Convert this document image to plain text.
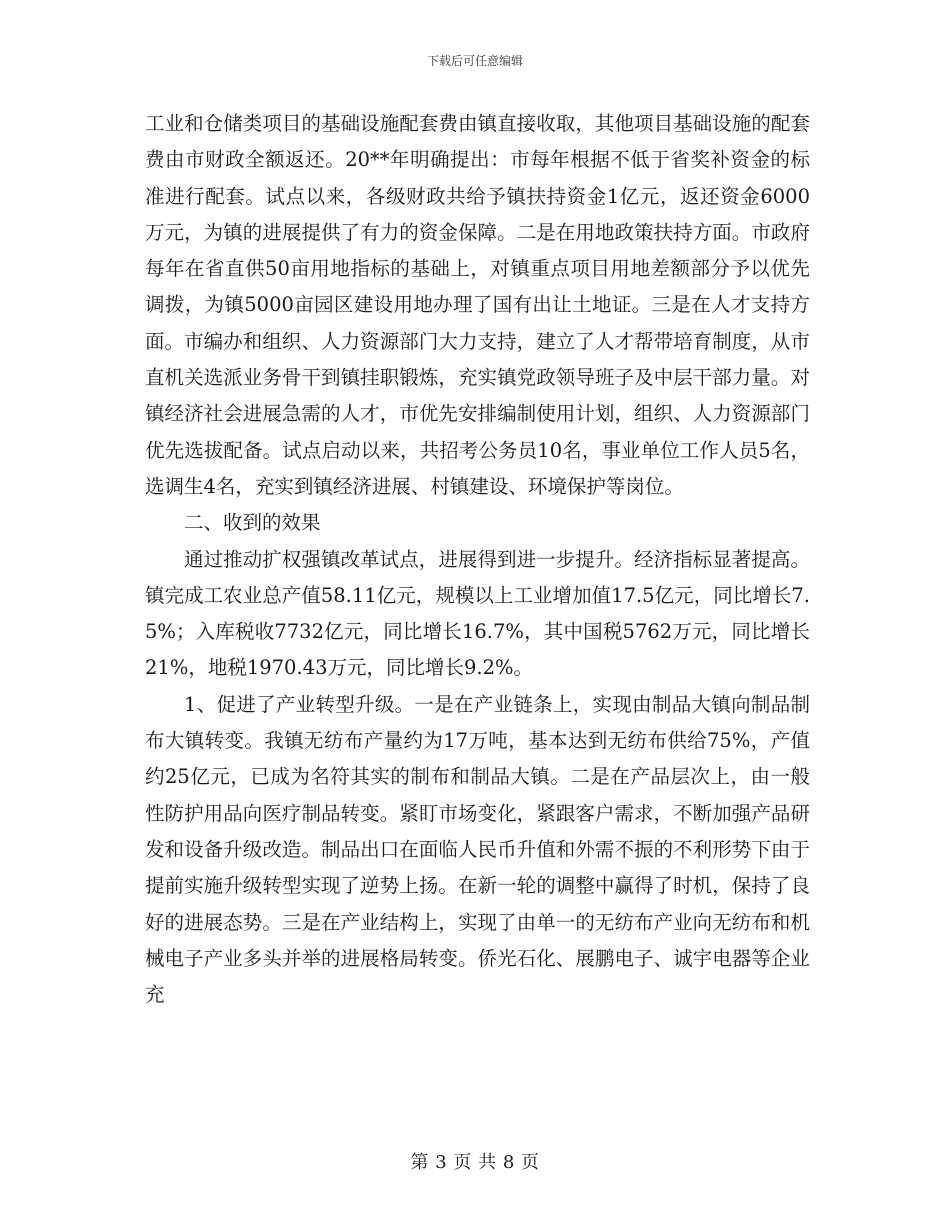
下载后可任意编辑

工业和仓储类项目的基础设施配套费由镇直接收取，其他项目基础设施的配套费由市财政全额返还。20**年明确提出：市每年根据不低于省奖补资金的标准进行配套。试点以来，各级财政共给予镇扶持资金1亿元，返还资金6000万元，为镇的进展提供了有力的资金保障。二是在用地政策扶持方面。市政府每年在省直供50亩用地指标的基础上，对镇重点项目用地差额部分予以优先调拨，为镇5000亩园区建设用地办理了国有出让土地证。三是在人才支持方面。市编办和组织、人力资源部门大力支持，建立了人才帮带培育制度，从市直机关选派业务骨干到镇挂职锻炼，充实镇党政领导班子及中层干部力量。对镇经济社会进展急需的人才，市优先安排编制使用计划，组织、人力资源部门优先选拔配备。试点启动以来，共招考公务员10名，事业单位工作人员5名，选调生4名，充实到镇经济进展、村镇建设、环境保护等岗位。

二、收到的效果

通过推动扩权强镇改革试点，进展得到进一步提升。经济指标显著提高。镇完成工农业总产值58.11亿元，规模以上工业增加值17.5亿元，同比增长7.5%；入库税收7732亿元，同比增长16.7%，其中国税5762万元，同比增长21%，地税1970.43万元，同比增长9.2%。

1、促进了产业转型升级。一是在产业链条上，实现由制品大镇向制品制布大镇转变。我镇无纺布产量约为17万吨，基本达到无纺布供给75%，产值约25亿元，已成为名符其实的制布和制品大镇。二是在产品层次上，由一般性防护用品向医疗制品转变。紧盯市场变化，紧跟客户需求，不断加强产品研发和设备升级改造。制品出口在面临人民币升值和外需不振的不利形势下由于提前实施升级转型实现了逆势上扬。在新一轮的调整中赢得了时机，保持了良好的进展态势。三是在产业结构上，实现了由单一的无纺布产业向无纺布和机械电子产业多头并举的进展格局转变。侨光石化、展鹏电子、诚宇电器等企业充

第 3 页 共 8 页
